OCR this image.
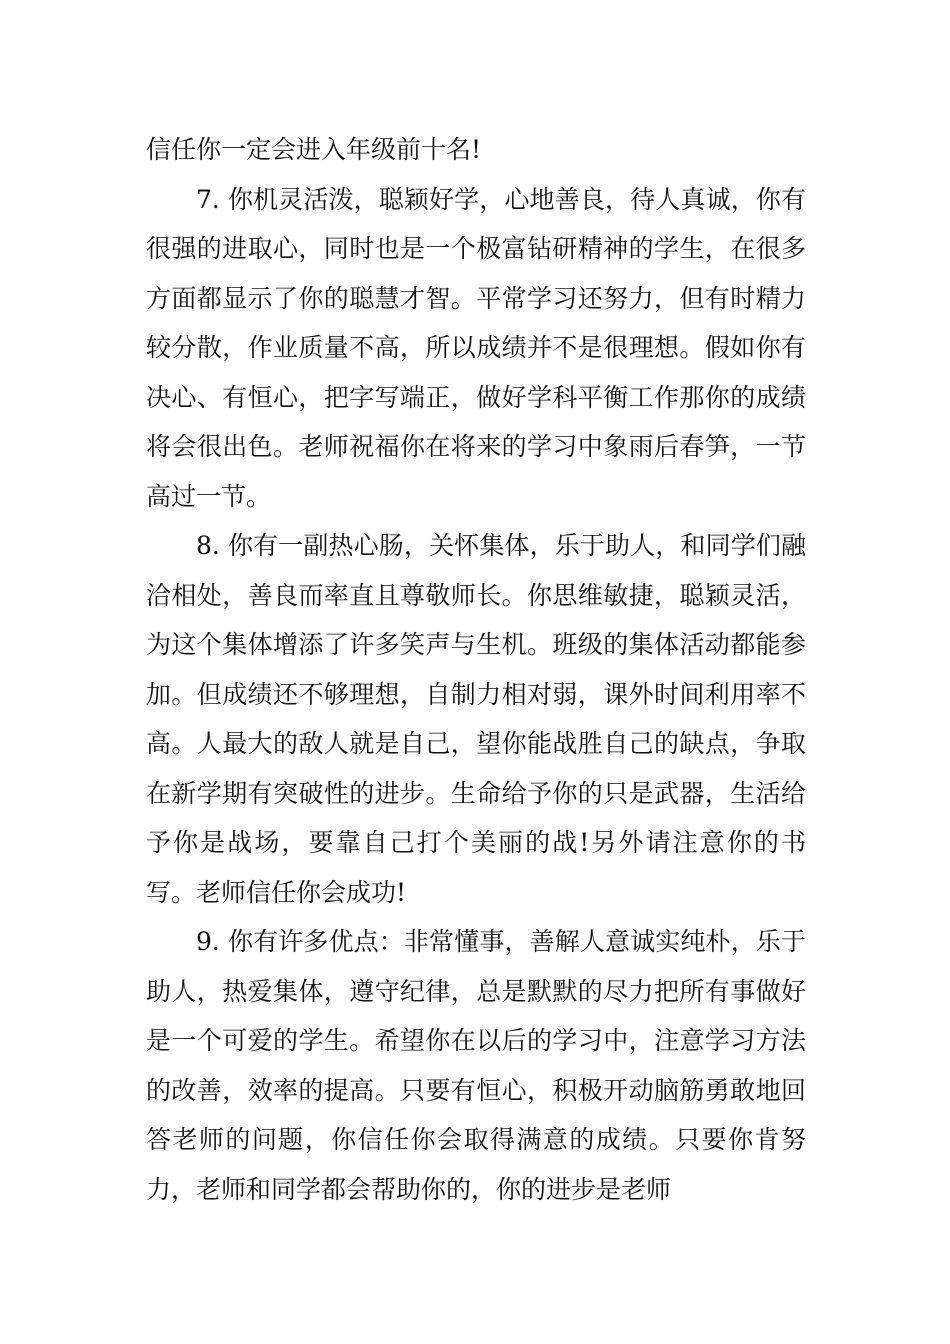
信任你一定会进入年级前十名!

7. 你机灵活泼，聪颖好学，心地善良，待人真诚，你有很强的进取心，同时也是一个极富钻研精神的学生，在很多方面都显示了你的聪慧才智。平常学习还努力，但有时精力较分散，作业质量不高，所以成绩并不是很理想。假如你有决心、有恒心，把字写端正，做好学科平衡工作那你的成绩将会很出色。老师祝福你在将来的学习中象雨后春笋，一节高过一节。

8. 你有一副热心肠，关怀集体，乐于助人，和同学们融洽相处，善良而率直且尊敬师长。你思维敏捷，聪颖灵活，为这个集体增添了许多笑声与生机。班级的集体活动都能参加。但成绩还不够理想，自制力相对弱，课外时间利用率不高。人最大的敌人就是自己，望你能战胜自己的缺点，争取在新学期有突破性的进步。生命给予你的只是武器，生活给予你是战场，要靠自己打个美丽的战!另外请注意你的书写。老师信任你会成功!

9. 你有许多优点：非常懂事，善解人意诚实纯朴，乐于助人，热爱集体，遵守纪律，总是默默的尽力把所有事做好是一个可爱的学生。希望你在以后的学习中，注意学习方法的改善，效率的提高。只要有恒心，积极开动脑筋勇敢地回答老师的问题，你信任你会取得满意的成绩。只要你肯努力，老师和同学都会帮助你的，你的进步是老师
